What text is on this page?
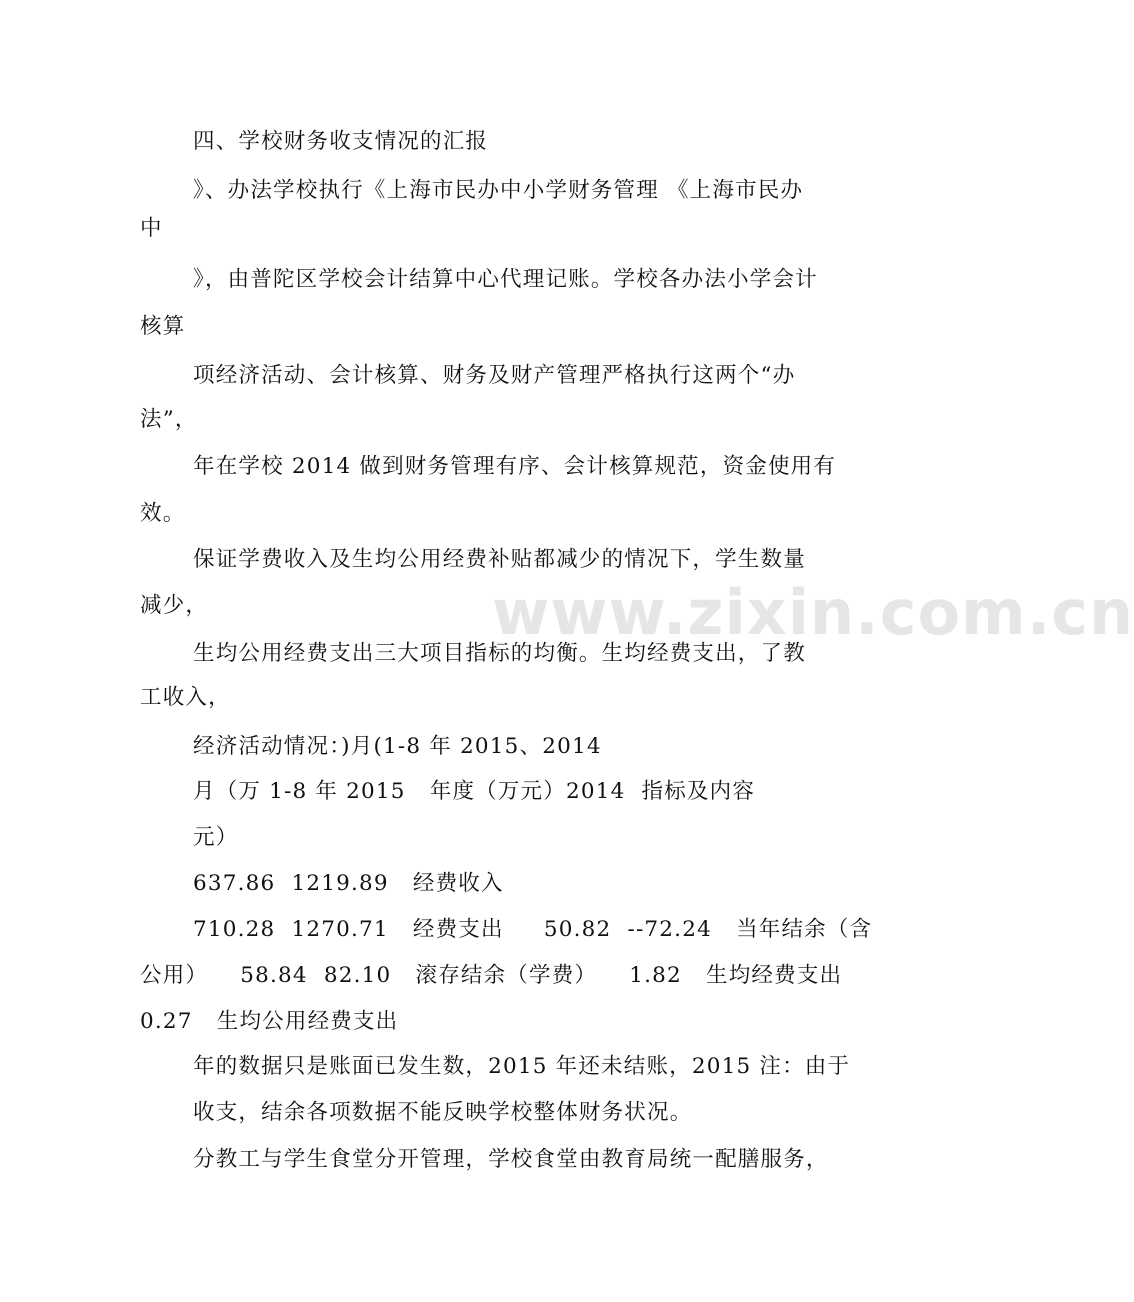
www.zixin.com.cn
四、学校财务收支情况的汇报
》、办法学校执行《上海市民办中小学财务管理 《上海市民办
中
》，由普陀区学校会计结算中心代理记账。学校各办法小学会计
核算
项经济活动、会计核算、财务及财产管理严格执行这两个“办
法”，
年在学校 2014 做到财务管理有序、会计核算规范，资金使用有
效。
保证学费收入及生均公用经费补贴都减少的情况下，学生数量
减少，
生均公用经费支出三大项目指标的均衡。生均经费支出，了教
工收入，
经济活动情况：)月(1-8 年 2015、2014
月（万 1-8 年 2015   年度（万元）2014  指标及内容
元）
637.86  1219.89   经费收入
710.28  1270.71   经费支出     50.82  --72.24   当年结余（含
公用）    58.84  82.10   滚存结余（学费）    1.82   生均经费支出
0.27   生均公用经费支出
年的数据只是账面已发生数，2015 年还未结账，2015 注：由于
收支，结余各项数据不能反映学校整体财务状况。
分教工与学生食堂分开管理，学校食堂由教育局统一配膳服务，
